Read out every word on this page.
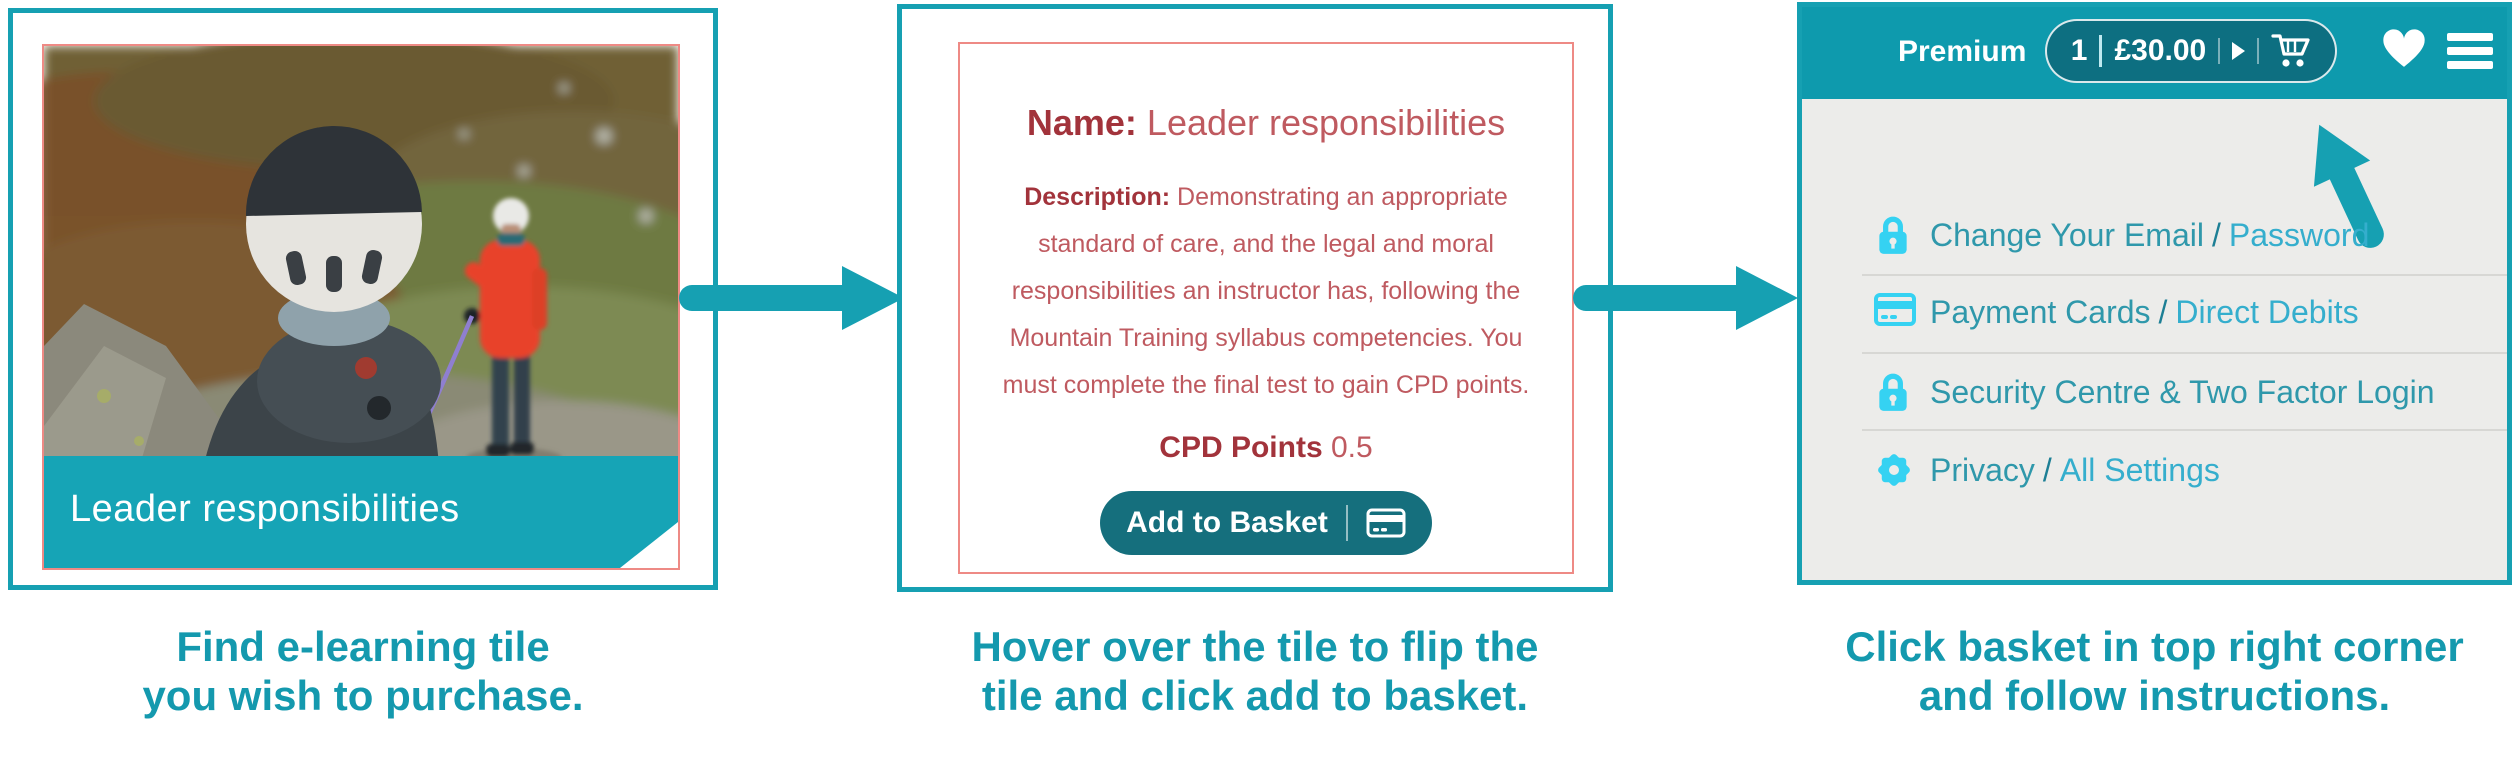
Leader responsibilities
Name: Leader responsibilities

Description: Demonstrating an appropriate standard of care, and the legal and moral responsibilities an instructor has, following the Mountain Training syllabus competencies. You must complete the final test to gain CPD points.

CPD Points 0.5
Add to Basket
Premium 1 £30.00
Change Your Email / Password
Payment Cards / Direct Debits
Security Centre & Two Factor Login
Privacy / All Settings
Find e-learning tile
you wish to purchase.
Hover over the tile to flip the
tile and click add to basket.
Click basket in top right corner
and follow instructions.
